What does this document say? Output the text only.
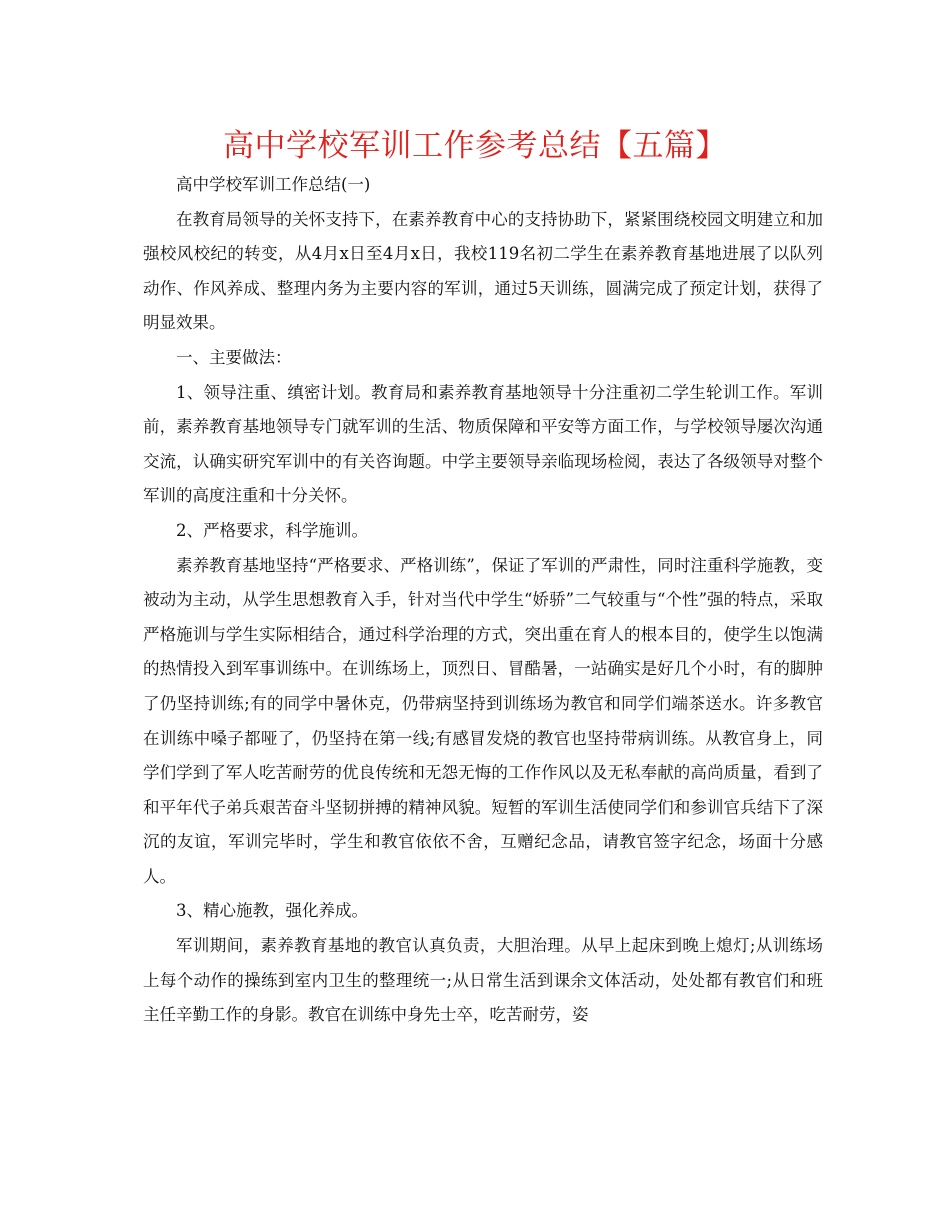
高中学校军训工作参考总结【五篇】

高中学校军训工作总结(一)

在教育局领导的关怀支持下，在素养教育中心的支持协助下，紧紧围绕校园文明建立和加强校风校纪的转变，从4月x日至4月x日，我校119名初二学生在素养教育基地进展了以队列动作、作风养成、整理内务为主要内容的军训，通过5天训练，圆满完成了预定计划，获得了明显效果。

一、主要做法：

1、领导注重、缜密计划。教育局和素养教育基地领导十分注重初二学生轮训工作。军训前，素养教育基地领导专门就军训的生活、物质保障和平安等方面工作，与学校领导屡次沟通交流，认确实研究军训中的有关咨询题。中学主要领导亲临现场检阅，表达了各级领导对整个军训的高度注重和十分关怀。

2、严格要求，科学施训。

素养教育基地坚持“严格要求、严格训练”，保证了军训的严肃性，同时注重科学施教，变被动为主动，从学生思想教育入手，针对当代中学生“娇骄”二气较重与“个性”强的特点，采取严格施训与学生实际相结合，通过科学治理的方式，突出重在育人的根本目的，使学生以饱满的热情投入到军事训练中。在训练场上，顶烈日、冒酷暑，一站确实是好几个小时，有的脚肿了仍坚持训练;有的同学中暑休克，仍带病坚持到训练场为教官和同学们端茶送水。许多教官在训练中嗓子都哑了，仍坚持在第一线;有感冒发烧的教官也坚持带病训练。从教官身上，同学们学到了军人吃苦耐劳的优良传统和无怨无悔的工作作风以及无私奉献的高尚质量，看到了和平年代子弟兵艰苦奋斗坚韧拼搏的精神风貌。短暂的军训生活使同学们和参训官兵结下了深沉的友谊，军训完毕时，学生和教官依依不舍，互赠纪念品，请教官签字纪念，场面十分感人。

3、精心施教，强化养成。

军训期间，素养教育基地的教官认真负责，大胆治理。从早上起床到晚上熄灯;从训练场上每个动作的操练到室内卫生的整理统一;从日常生活到课余文体活动，处处都有教官们和班主任辛勤工作的身影。教官在训练中身先士卒，吃苦耐劳，姿
